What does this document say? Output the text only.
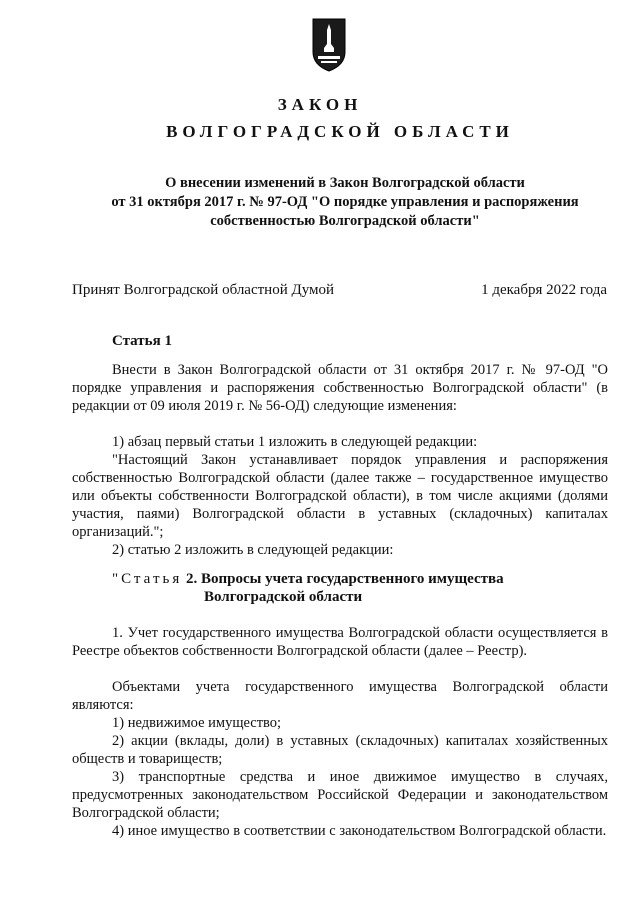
ЗАКОН
ВОЛГОГРАДСКОЙ ОБЛАСТИ
О внесении изменений в Закон Волгоградской области
от 31 октября 2017 г. № 97-ОД "О порядке управления и распоряжения
собственностью Волгоградской области"
Принят Волгоградской областной Думой	1 декабря 2022 года
Статья 1
Внести в Закон Волгоградской области от 31 октября 2017 г. № 97-ОД "О порядке управления и распоряжения собственностью Волгоградской области" (в редакции от 09 июля 2019 г. № 56-ОД) следующие изменения:
1) абзац первый статьи 1 изложить в следующей редакции:
"Настоящий Закон устанавливает порядок управления и распоряжения собственностью Волгоградской области (далее также – государственное имущество или объекты собственности Волгоградской области), в том числе акциями (долями участия, паями) Волгоградской области в уставных (складочных) капиталах организаций.";
2) статью 2 изложить в следующей редакции:
"Статья 2. Вопросы учета государственного имущества
Волгоградской области
1. Учет государственного имущества Волгоградской области осуществляется в Реестре объектов собственности Волгоградской области (далее – Реестр).
Объектами учета государственного имущества Волгоградской области являются:
1) недвижимое имущество;
2) акции (вклады, доли) в уставных (складочных) капиталах хозяйственных обществ и товариществ;
3) транспортные средства и иное движимое имущество в случаях, предусмотренных законодательством Российской Федерации и законодательством Волгоградской области;
4) иное имущество в соответствии с законодательством Волгоградской области.
